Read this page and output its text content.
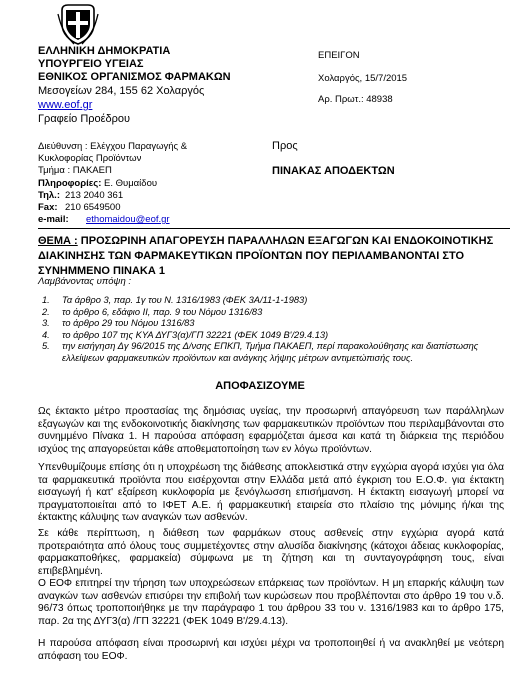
ΕΛΛΗΝΙΚΗ ΔΗΜΟΚΡΑΤΙΑ
ΥΠΟΥΡΓΕΙΟ ΥΓΕΙΑΣ
ΕΘΝΙΚΟΣ ΟΡΓΑΝΙΣΜΟΣ ΦΑΡΜΑΚΩΝ
Μεσογείων 284, 155 62 Χολαργός
www.eof.gr
Γραφείο Προέδρου
ΕΠΕΙΓΟΝ
Χολαργός, 15/7/2015
Αρ. Πρωτ.: 48938
Διεύθυνση : Ελέγχου Παραγωγής &
Κυκλοφορίας Προϊόντων
Τμήμα : ΠΑΚΑΕΠ
Πληροφορίες: Ε. Θυμαίδου
Τηλ.: 213 2040 361
Fax: 210 6549500
e-mail: ethomaidou@eof.gr
Προς
ΠΙΝΑΚΑΣ ΑΠΟΔΕΚΤΩΝ
ΘΕΜΑ : ΠΡΟΣΩΡΙΝΗ ΑΠΑΓΟΡΕΥΣΗ ΠΑΡΑΛΛΗΛΩΝ ΕΞΑΓΩΓΩΝ ΚΑΙ ΕΝΔΟΚΟΙΝΟΤΙΚΗΣ ΔΙΑΚΙΝΗΣΗΣ ΤΩΝ ΦΑΡΜΑΚΕΥΤΙΚΩΝ ΠΡΟΪΟΝΤΩΝ ΠΟΥ ΠΕΡΙΛΑΜΒΑΝΟΝΤΑΙ ΣΤΟ ΣΥΝΗΜΜΕΝΟ ΠΙΝΑΚΑ 1
Λαμβάνοντας υπόψη :
1.	Τα άρθρο 3, παρ. 1γ του Ν. 1316/1983 (ΦΕΚ 3Α/11-1-1983)
2.	το άρθρο 6, εδάφιο ΙΙ, παρ. 9 του Νόμου 1316/83
3.	το άρθρο 29 του Νόμου 1316/83
4.	το άρθρο 107 της ΚΥΑ ΔΥΓ3(α)/ΓΠ 32221 (ΦΕΚ 1049 Β'/29.4.13)
5.	την εισήγηση Δγ 96/2015 της Δ/νσης ΕΠΚΠ, Τμήμα ΠΑΚΑΕΠ, περί παρακολούθησης και διαπίστωσης ελλείψεων φαρμακευτικών προϊόντων και ανάγκης λήψης μέτρων αντιμετώπισής τους.
ΑΠΟΦΑΣΙΖΟΥΜΕ
Ως έκτακτο μέτρο προστασίας της δημόσιας υγείας, την προσωρινή απαγόρευση των παράλληλων εξαγωγών και της ενδοκοινοτικής διακίνησης των φαρμακευτικών προϊόντων που περιλαμβάνονται στο συνημμένο Πίνακα 1. Η παρούσα απόφαση εφαρμόζεται άμεσα και κατά τη διάρκεια της περιόδου ισχύος της απαγορεύεται κάθε αποθεματοποίηση των εν λόγω προϊόντων.
Υπενθυμίζουμε επίσης ότι η υποχρέωση της διάθεσης αποκλειστικά στην εγχώρια αγορά ισχύει για όλα τα φαρμακευτικά προϊόντα που εισέρχονται στην Ελλάδα μετά από έγκριση του Ε.Ο.Φ. για έκτακτη εισαγωγή ή κατ' εξαίρεση κυκλοφορία με ξενόγλωσση επισήμανση. Η έκτακτη εισαγωγή μπορεί να πραγματοποιείται από το ΙΦΕΤ Α.Ε. ή φαρμακευτική εταιρεία στο πλαίσιο της μόνιμης ή/και της έκτακτης κάλυψης των αναγκών των ασθενών.
Σε κάθε περίπτωση, η διάθεση των φαρμάκων στους ασθενείς στην εγχώρια αγορά κατά προτεραιότητα από όλους τους συμμετέχοντες στην αλυσίδα διακίνησης (κάτοχοι άδειας κυκλοφορίας, φαρμακαποθήκες, φαρμακεία) σύμφωνα με τη ζήτηση και τη συνταγογράφηση τους, είναι επιβεβλημένη.
Ο ΕΟΦ επιτηρεί την τήρηση των υποχρεώσεων επάρκειας των προϊόντων. Η μη επαρκής κάλυψη των αναγκών των ασθενών επισύρει την επιβολή των κυρώσεων που προβλέπονται στο άρθρο 19 του ν.δ. 96/73 όπως τροποποιήθηκε με την παράγραφο 1 του άρθρου 33 του ν. 1316/1983 και το άρθρο 175, παρ. 2α της ΔΥΓ3(α) /ΓΠ 32221 (ΦΕΚ 1049 Β'/29.4.13).
Η παρούσα απόφαση είναι προσωρινή και ισχύει μέχρι να τροποποιηθεί ή να ανακληθεί με νεότερη απόφαση του ΕΟΦ.
